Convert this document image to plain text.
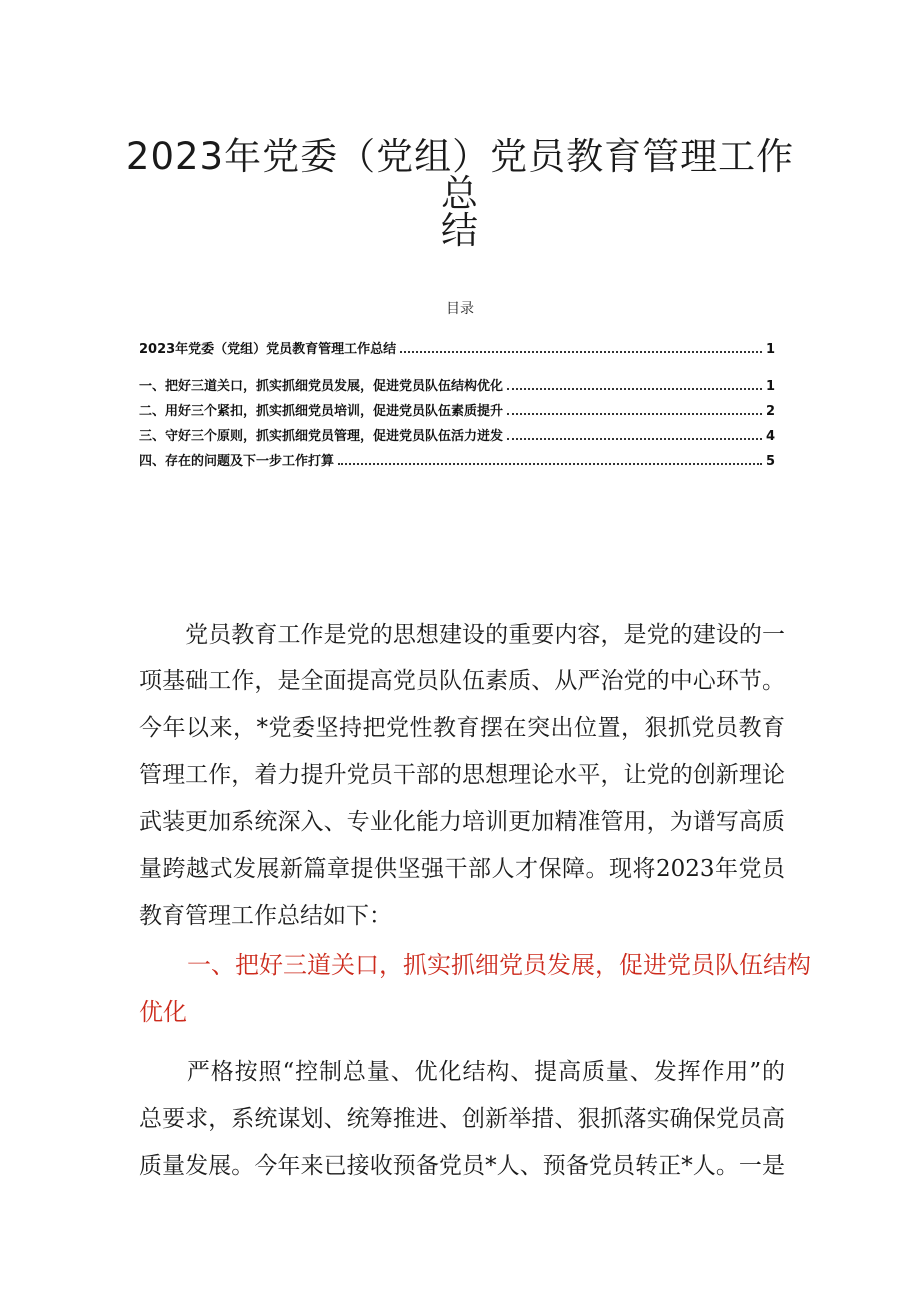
2023年党委（党组）党员教育管理工作总
结
目录
2023年党委（党组）党员教育管理工作总结	1
一、把好三道关口，抓实抓细党员发展，促进党员队伍结构优化	1
二、用好三个紧扣，抓实抓细党员培训，促进党员队伍素质提升	2
三、守好三个原则，抓实抓细党员管理，促进党员队伍活力迸发	4
四、存在的问题及下一步工作打算	5
　　党员教育工作是党的思想建设的重要内容，是党的建设的一
项基础工作，是全面提高党员队伍素质、从严治党的中心环节。
今年以来，*党委坚持把党性教育摆在突出位置，狠抓党员教育
管理工作，着力提升党员干部的思想理论水平，让党的创新理论
武装更加系统深入、专业化能力培训更加精准管用，为谱写高质
量跨越式发展新篇章提供坚强干部人才保障。现将2023年党员
教育管理工作总结如下：
　　一、把好三道关口，抓实抓细党员发展，促进党员队伍结构
优化
　　严格按照“控制总量、优化结构、提高质量、发挥作用”的
总要求，系统谋划、统筹推进、创新举措、狠抓落实确保党员高
质量发展。今年来已接收预备党员*人、预备党员转正*人。一是
